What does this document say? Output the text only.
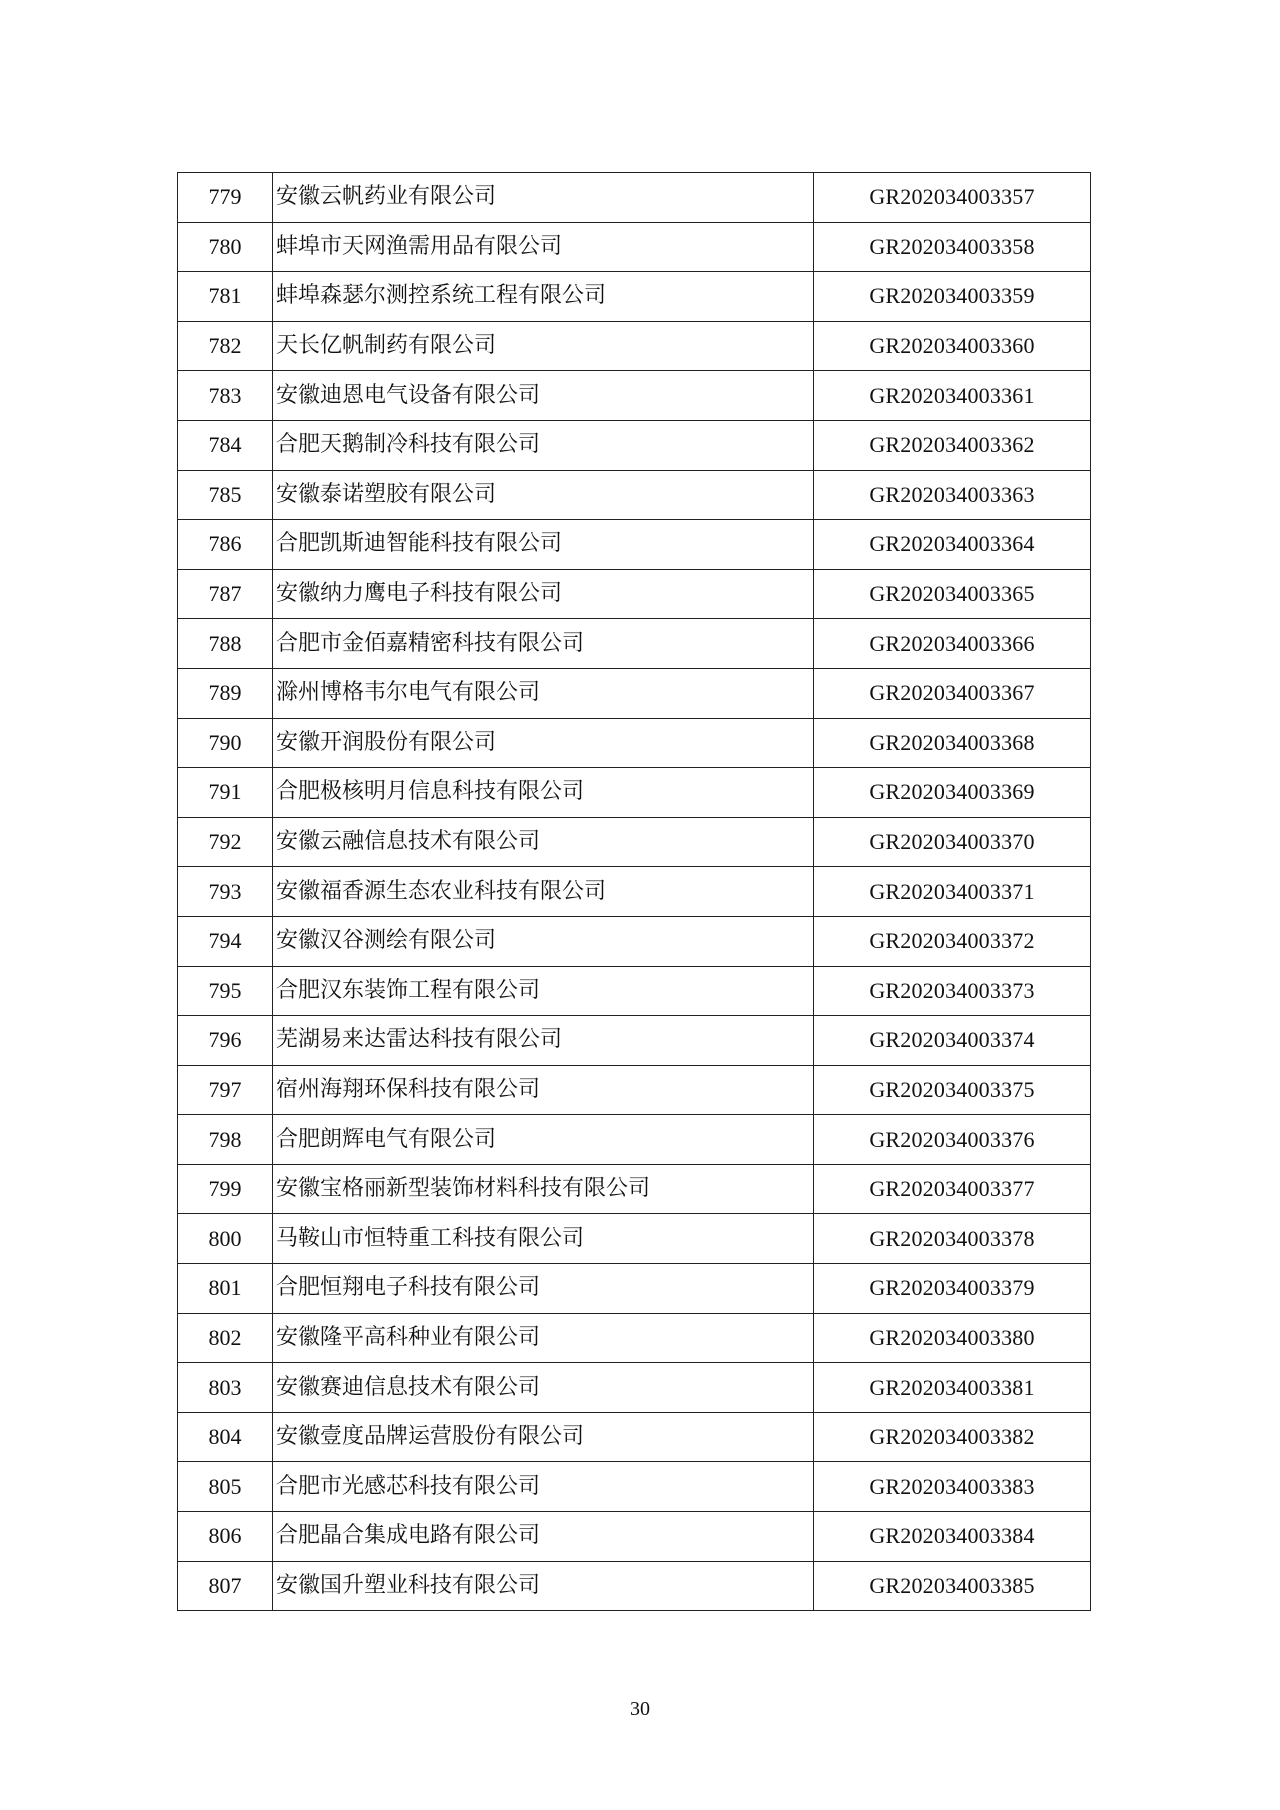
779	安徽云帆药业有限公司	GR202034003357
780	蚌埠市天网渔需用品有限公司	GR202034003358
781	蚌埠森瑟尔测控系统工程有限公司	GR202034003359
782	天长亿帆制药有限公司	GR202034003360
783	安徽迪恩电气设备有限公司	GR202034003361
784	合肥天鹅制冷科技有限公司	GR202034003362
785	安徽泰诺塑胶有限公司	GR202034003363
786	合肥凯斯迪智能科技有限公司	GR202034003364
787	安徽纳力鹰电子科技有限公司	GR202034003365
788	合肥市金佰嘉精密科技有限公司	GR202034003366
789	滁州博格韦尔电气有限公司	GR202034003367
790	安徽开润股份有限公司	GR202034003368
791	合肥极核明月信息科技有限公司	GR202034003369
792	安徽云融信息技术有限公司	GR202034003370
793	安徽福香源生态农业科技有限公司	GR202034003371
794	安徽汉谷测绘有限公司	GR202034003372
795	合肥汉东装饰工程有限公司	GR202034003373
796	芜湖易来达雷达科技有限公司	GR202034003374
797	宿州海翔环保科技有限公司	GR202034003375
798	合肥朗辉电气有限公司	GR202034003376
799	安徽宝格丽新型装饰材料科技有限公司	GR202034003377
800	马鞍山市恒特重工科技有限公司	GR202034003378
801	合肥恒翔电子科技有限公司	GR202034003379
802	安徽隆平高科种业有限公司	GR202034003380
803	安徽赛迪信息技术有限公司	GR202034003381
804	安徽壹度品牌运营股份有限公司	GR202034003382
805	合肥市光感芯科技有限公司	GR202034003383
806	合肥晶合集成电路有限公司	GR202034003384
807	安徽国升塑业科技有限公司	GR202034003385
30
